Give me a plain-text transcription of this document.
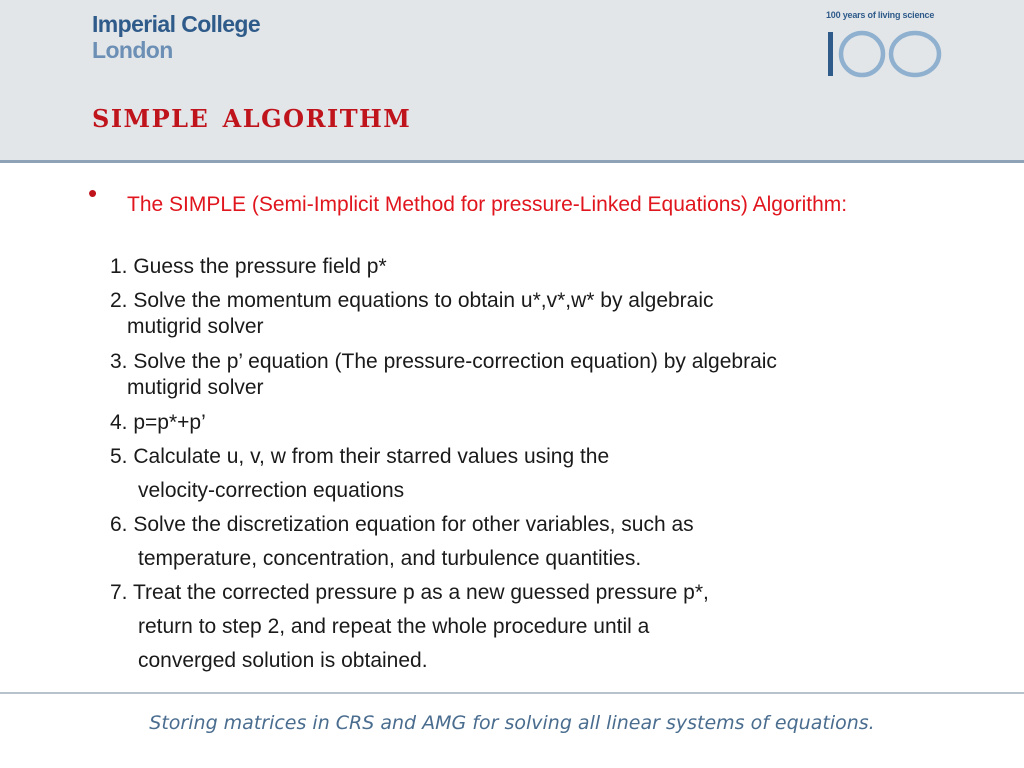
Imperial College
London
100 years of living science
simple algorithm
• The SIMPLE (Semi-Implicit Method for pressure-Linked Equations) Algorithm:

1. Guess the pressure field p*

2. Solve the momentum equations to obtain u*,v*,w* by algebraic
mutigrid solver

3. Solve the p’ equation (The pressure-correction equation) by algebraic
mutigrid solver

4. p=p*+p’

5. Calculate u, v, w from their starred values using the
velocity-correction equations

6. Solve the discretization equation for other variables, such as
temperature, concentration, and turbulence quantities.

7. Treat the corrected pressure p as a new guessed pressure p*,
return to step 2, and repeat the whole procedure until a
converged solution is obtained.

Storing matrices in CRS and AMG for solving all linear systems of equations.
